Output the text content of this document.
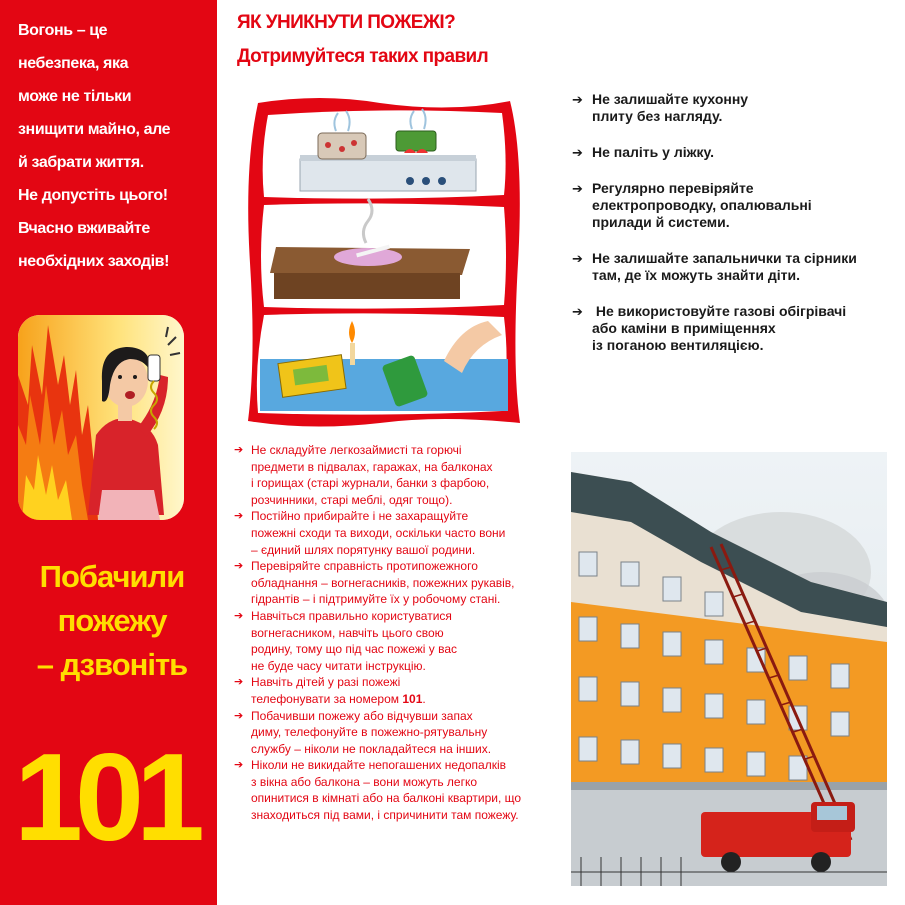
Вогонь – це
небезпека, яка
може не тільки
знищити майно, але
й забрати життя.
Не допустіть цього!
Вчасно вживайте
необхідних заходів!
Побачили
пожежу
– дзвоніть
101
ЯК УНИКНУТИ ПОЖЕЖІ?
Дотримуйтеся таких правил
➔ Не залишайте кухонну
плиту без нагляду.
➔ Не паліть у ліжку.
➔ Регулярно перевіряйте
електропроводку, опалювальні
прилади й системи.
➔ Не залишайте запальнички та сірники
там, де їх можуть знайти діти.
➔ Не використовуйте газові обігрівачі
або каміни в приміщеннях
із поганою вентиляцією.
➔ Не складуйте легкозаймисті та горючі
предмети в підвалах, гаражах, на балконах
і горищах (старі журнали, банки з фарбою,
розчинники, старі меблі, одяг тощо).
➔ Постійно прибирайте і не захаращуйте
пожежні сходи та виходи, оскільки часто вони
– єдиний шлях порятунку вашої родини.
➔ Перевіряйте справність протипожежного
обладнання – вогнегасників, пожежних рукавів,
гідрантів – і підтримуйте їх у робочому стані.
➔ Навчіться правильно користуватися
вогнегасником, навчіть цього свою
родину, тому що під час пожежі у вас
не буде часу читати інструкцію.
➔ Навчіть дітей у разі пожежі
телефонувати за номером 101.
➔ Побачивши пожежу або відчувши запах
диму, телефонуйте в пожежно-рятувальну
службу – ніколи не покладайтеся на інших.
➔ Ніколи не викидайте непогашених недопалків
з вікна або балкона – вони можуть легко
опинитися в кімнаті або на балконі квартири, що
знаходиться під вами, і спричинити там пожежу.
